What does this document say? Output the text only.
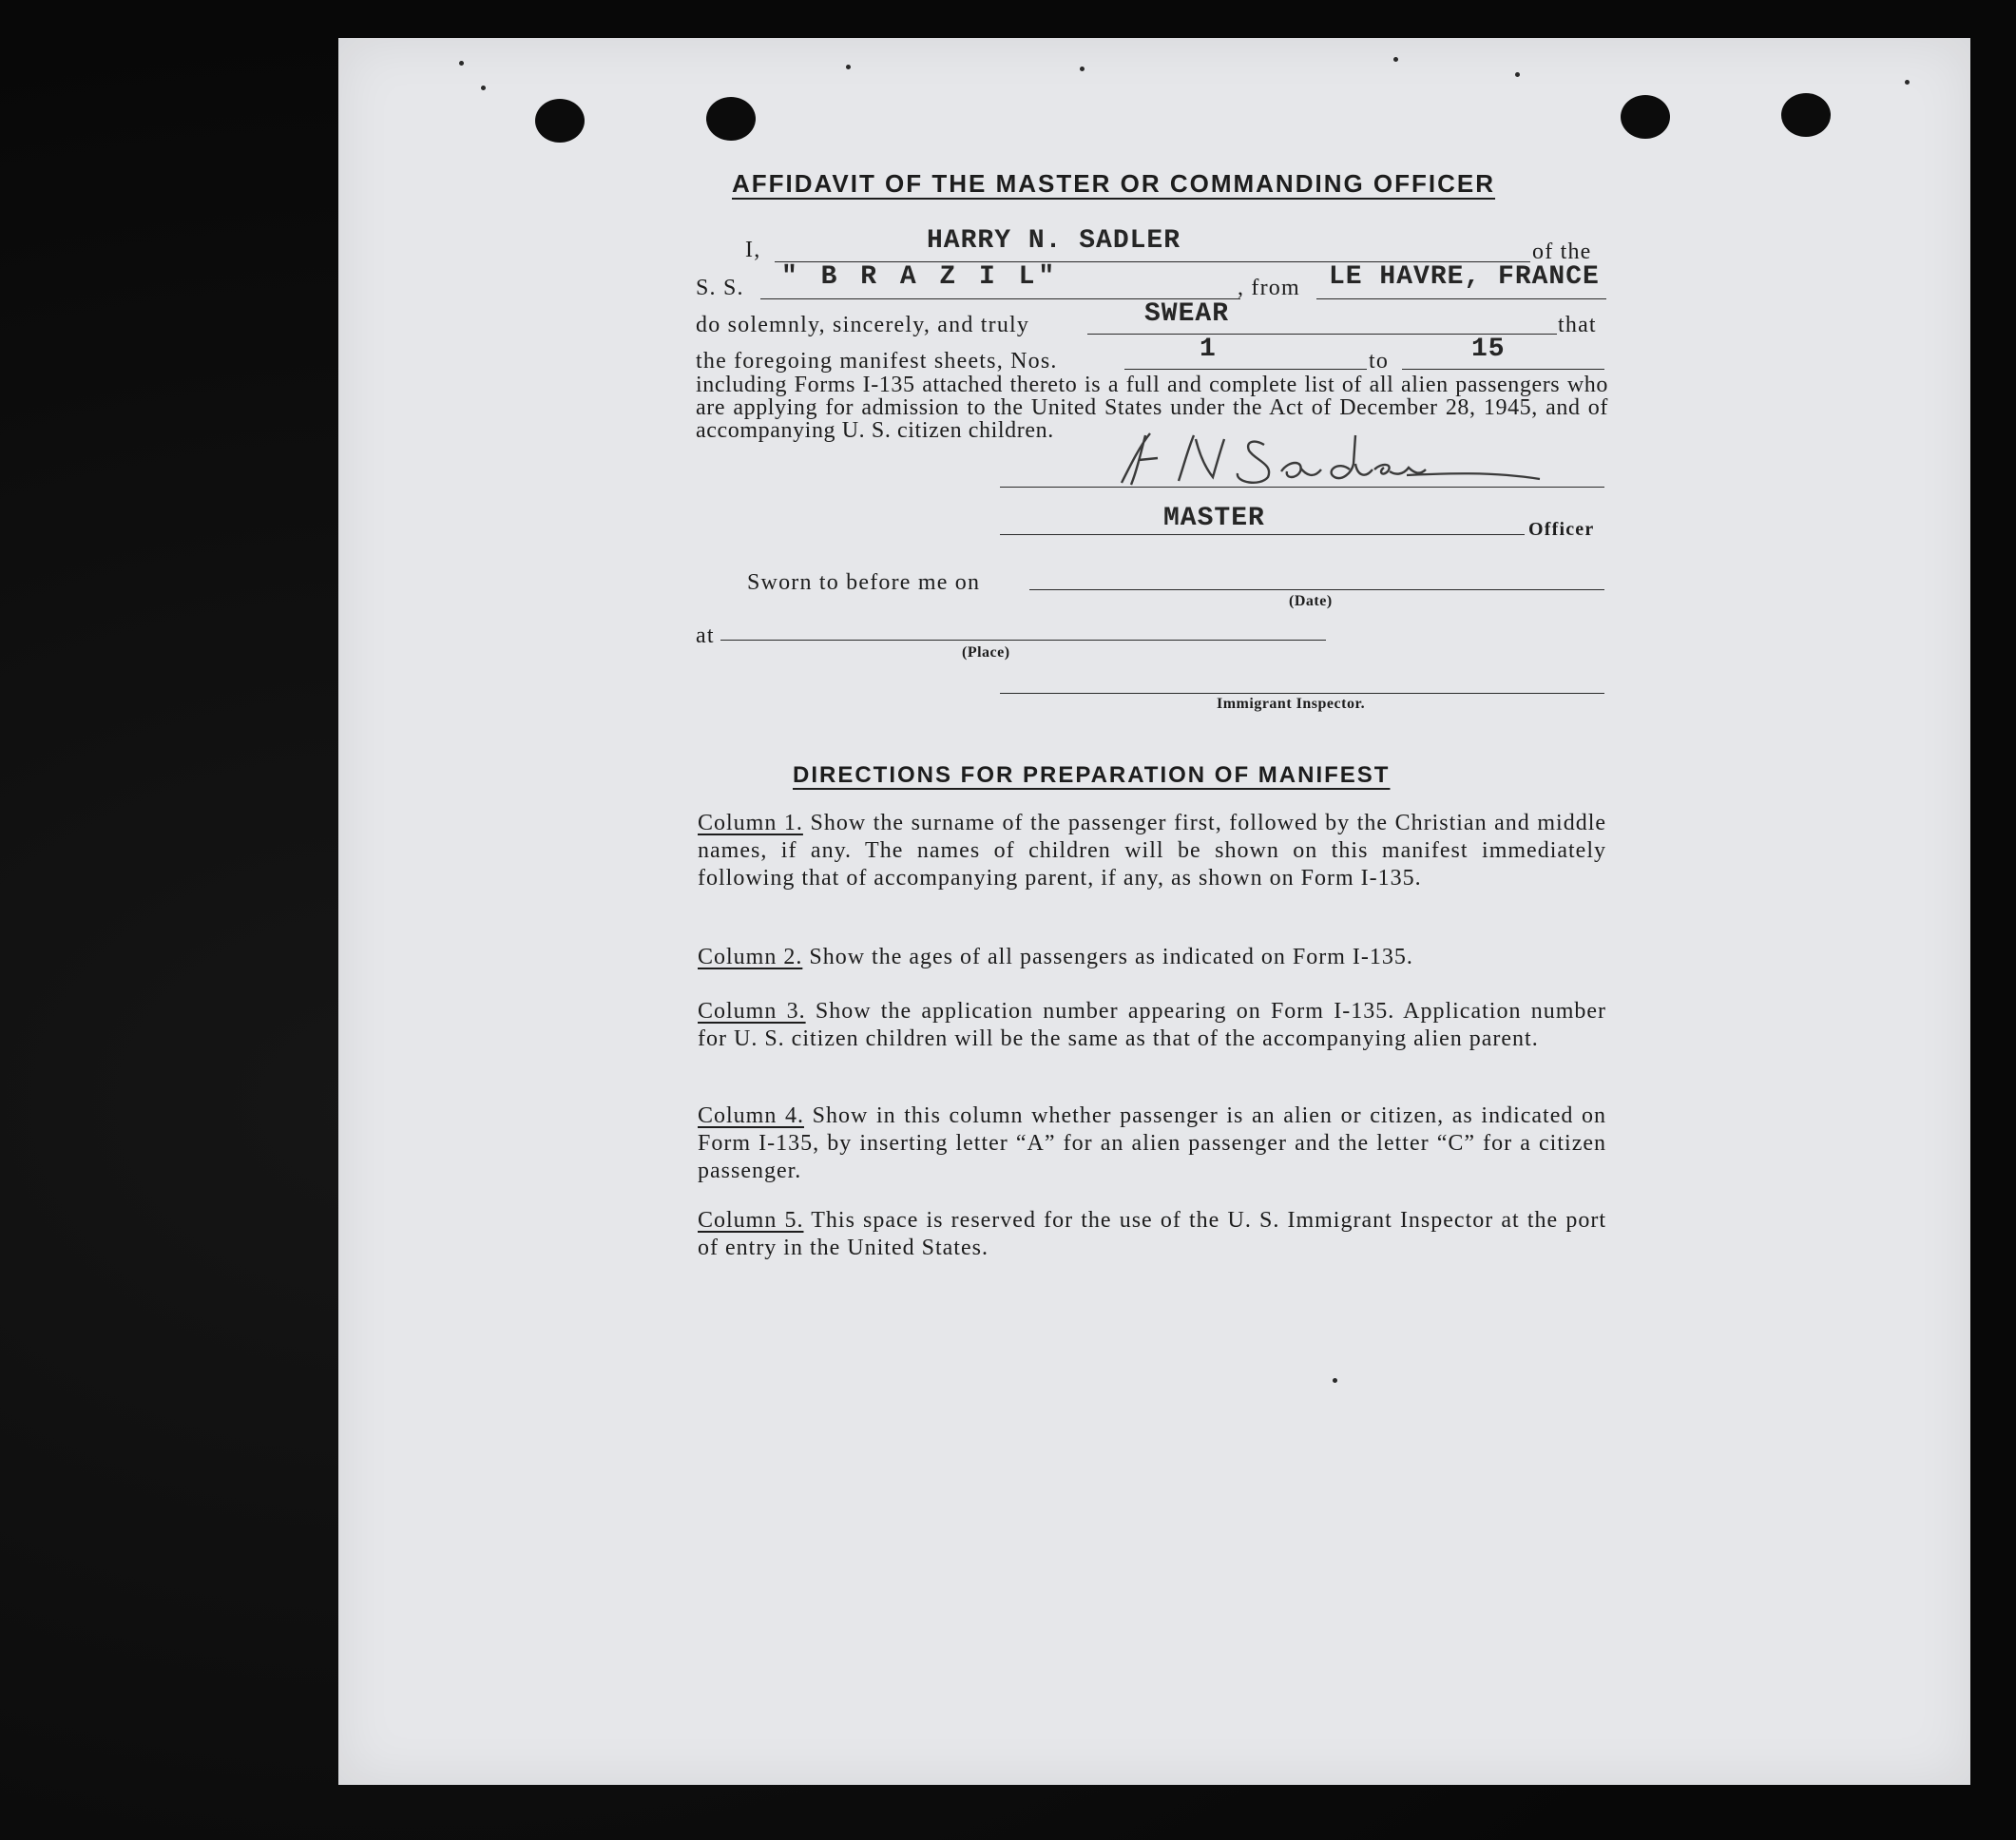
AFFIDAVIT OF THE MASTER OR COMMANDING OFFICER
I,	HARRY N. SADLER	of the
S. S. " B R A Z I L"	, from LE HAVRE, FRANCE
do solemnly, sincerely, and truly	SWEAR	that
the foregoing manifest sheets, Nos.	1	to	15
including Forms I-135 attached thereto is a full and complete list of all alien passengers who are applying for admission to the United States under the Act of December 28, 1945, and of accompanying U. S. citizen children.
MASTER	Officer
Sworn to before me on
(Date)
at
(Place)
Immigrant Inspector.
DIRECTIONS FOR PREPARATION OF MANIFEST
Column 1. Show the surname of the passenger first, followed by the Christian and middle names, if any. The names of children will be shown on this manifest immediately following that of accompanying parent, if any, as shown on Form I-135.
Column 2. Show the ages of all passengers as indicated on Form I-135.
Column 3. Show the application number appearing on Form I-135. Application number for U. S. citizen children will be the same as that of the accompanying alien parent.
Column 4. Show in this column whether passenger is an alien or citizen, as indicated on Form I-135, by inserting letter “A” for an alien passenger and the letter “C” for a citizen passenger.
Column 5. This space is reserved for the use of the U. S. Immigrant Inspector at the port of entry in the United States.
